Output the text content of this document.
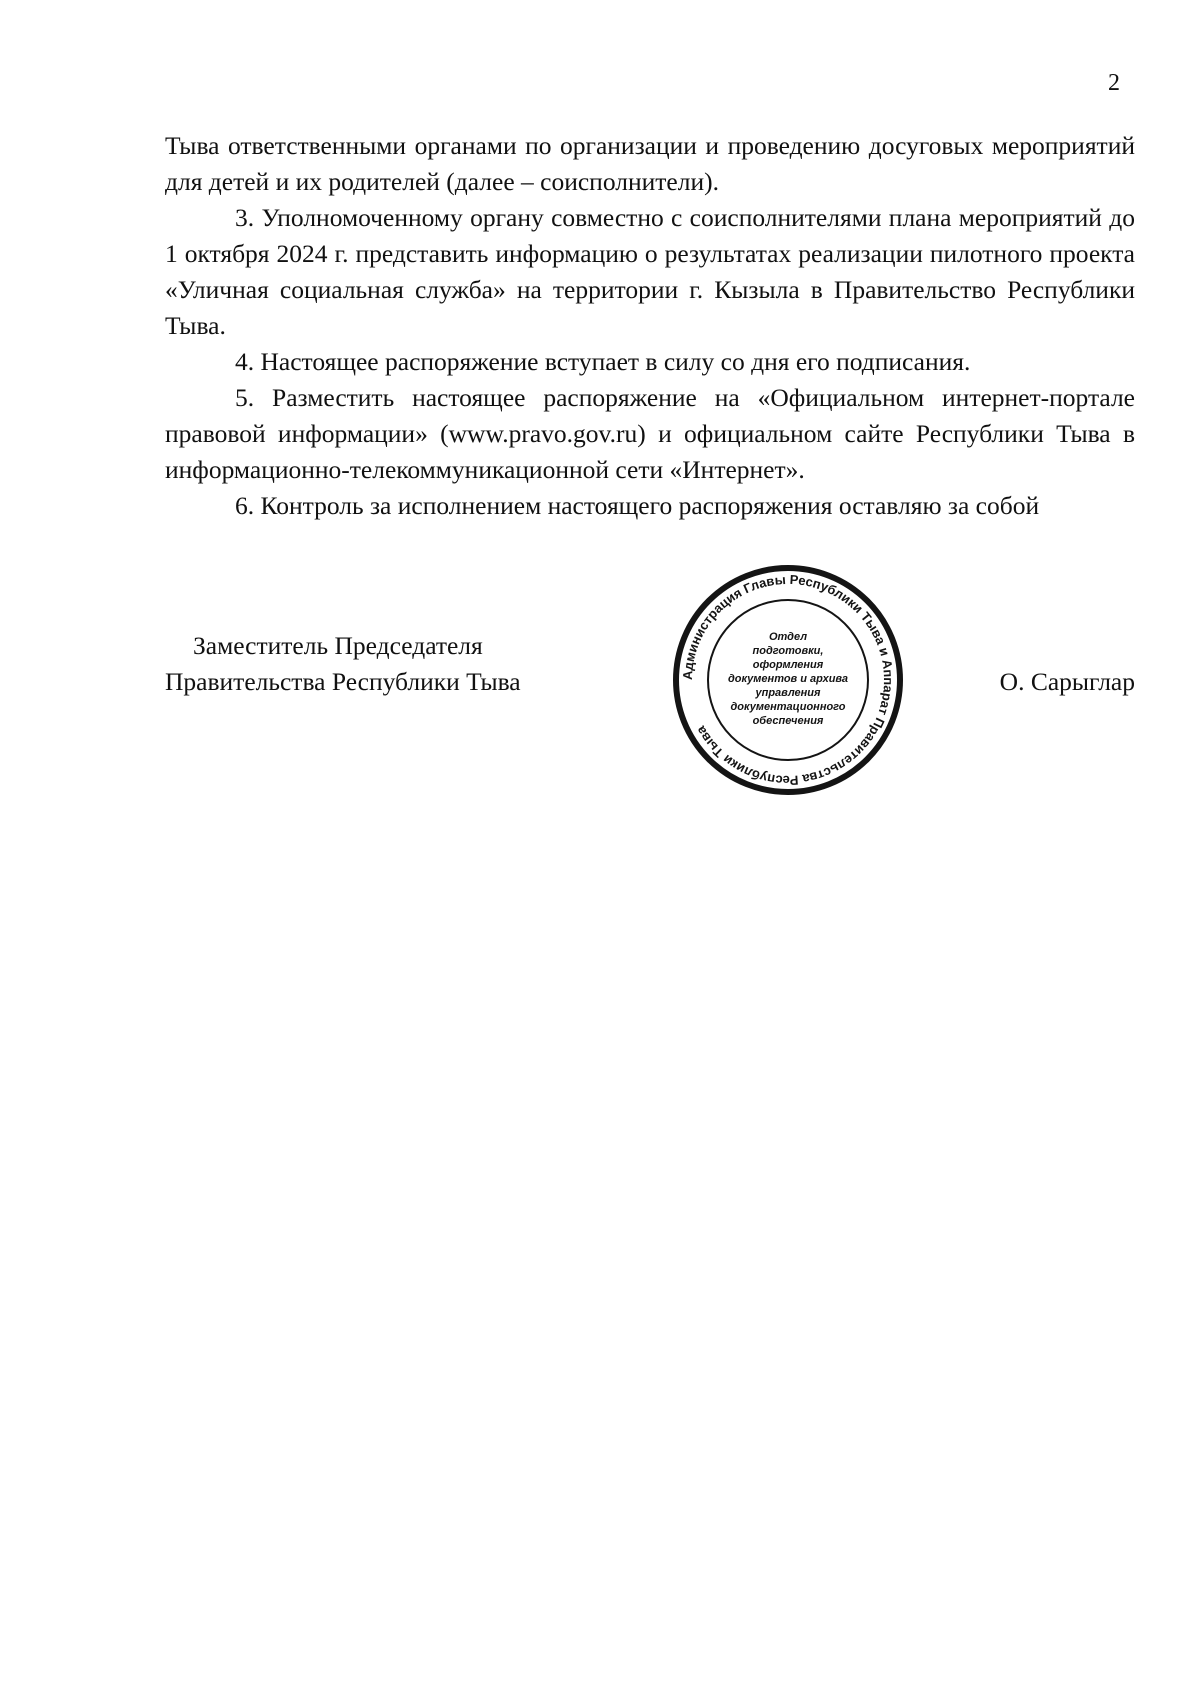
2

Тыва ответственными органами по организации и проведению досуговых мероприятий для детей и их родителей (далее – соисполнители).

3. Уполномоченному органу совместно с соисполнителями плана мероприятий до 1 октября 2024 г. представить информацию о результатах реализации пилотного проекта «Уличная социальная служба» на территории г. Кызыла в Правительство Республики Тыва.

4. Настоящее распоряжение вступает в силу со дня его подписания.

5. Разместить настоящее распоряжение на «Официальном интернет-портале правовой информации» (www.pravo.gov.ru) и официальном сайте Республики Тыва в информационно-телекоммуникационной сети «Интернет».

6. Контроль за исполнением настоящего распоряжения оставляю за собой

Заместитель Председателя
Правительства Республики Тыва	О. Сарыглар
Администрация Главы Республики Тыва и Аппарат Правительства Республики Тыва
Отдел
подготовки,
оформления
документов и архива
управления
документационного
обеспечения
